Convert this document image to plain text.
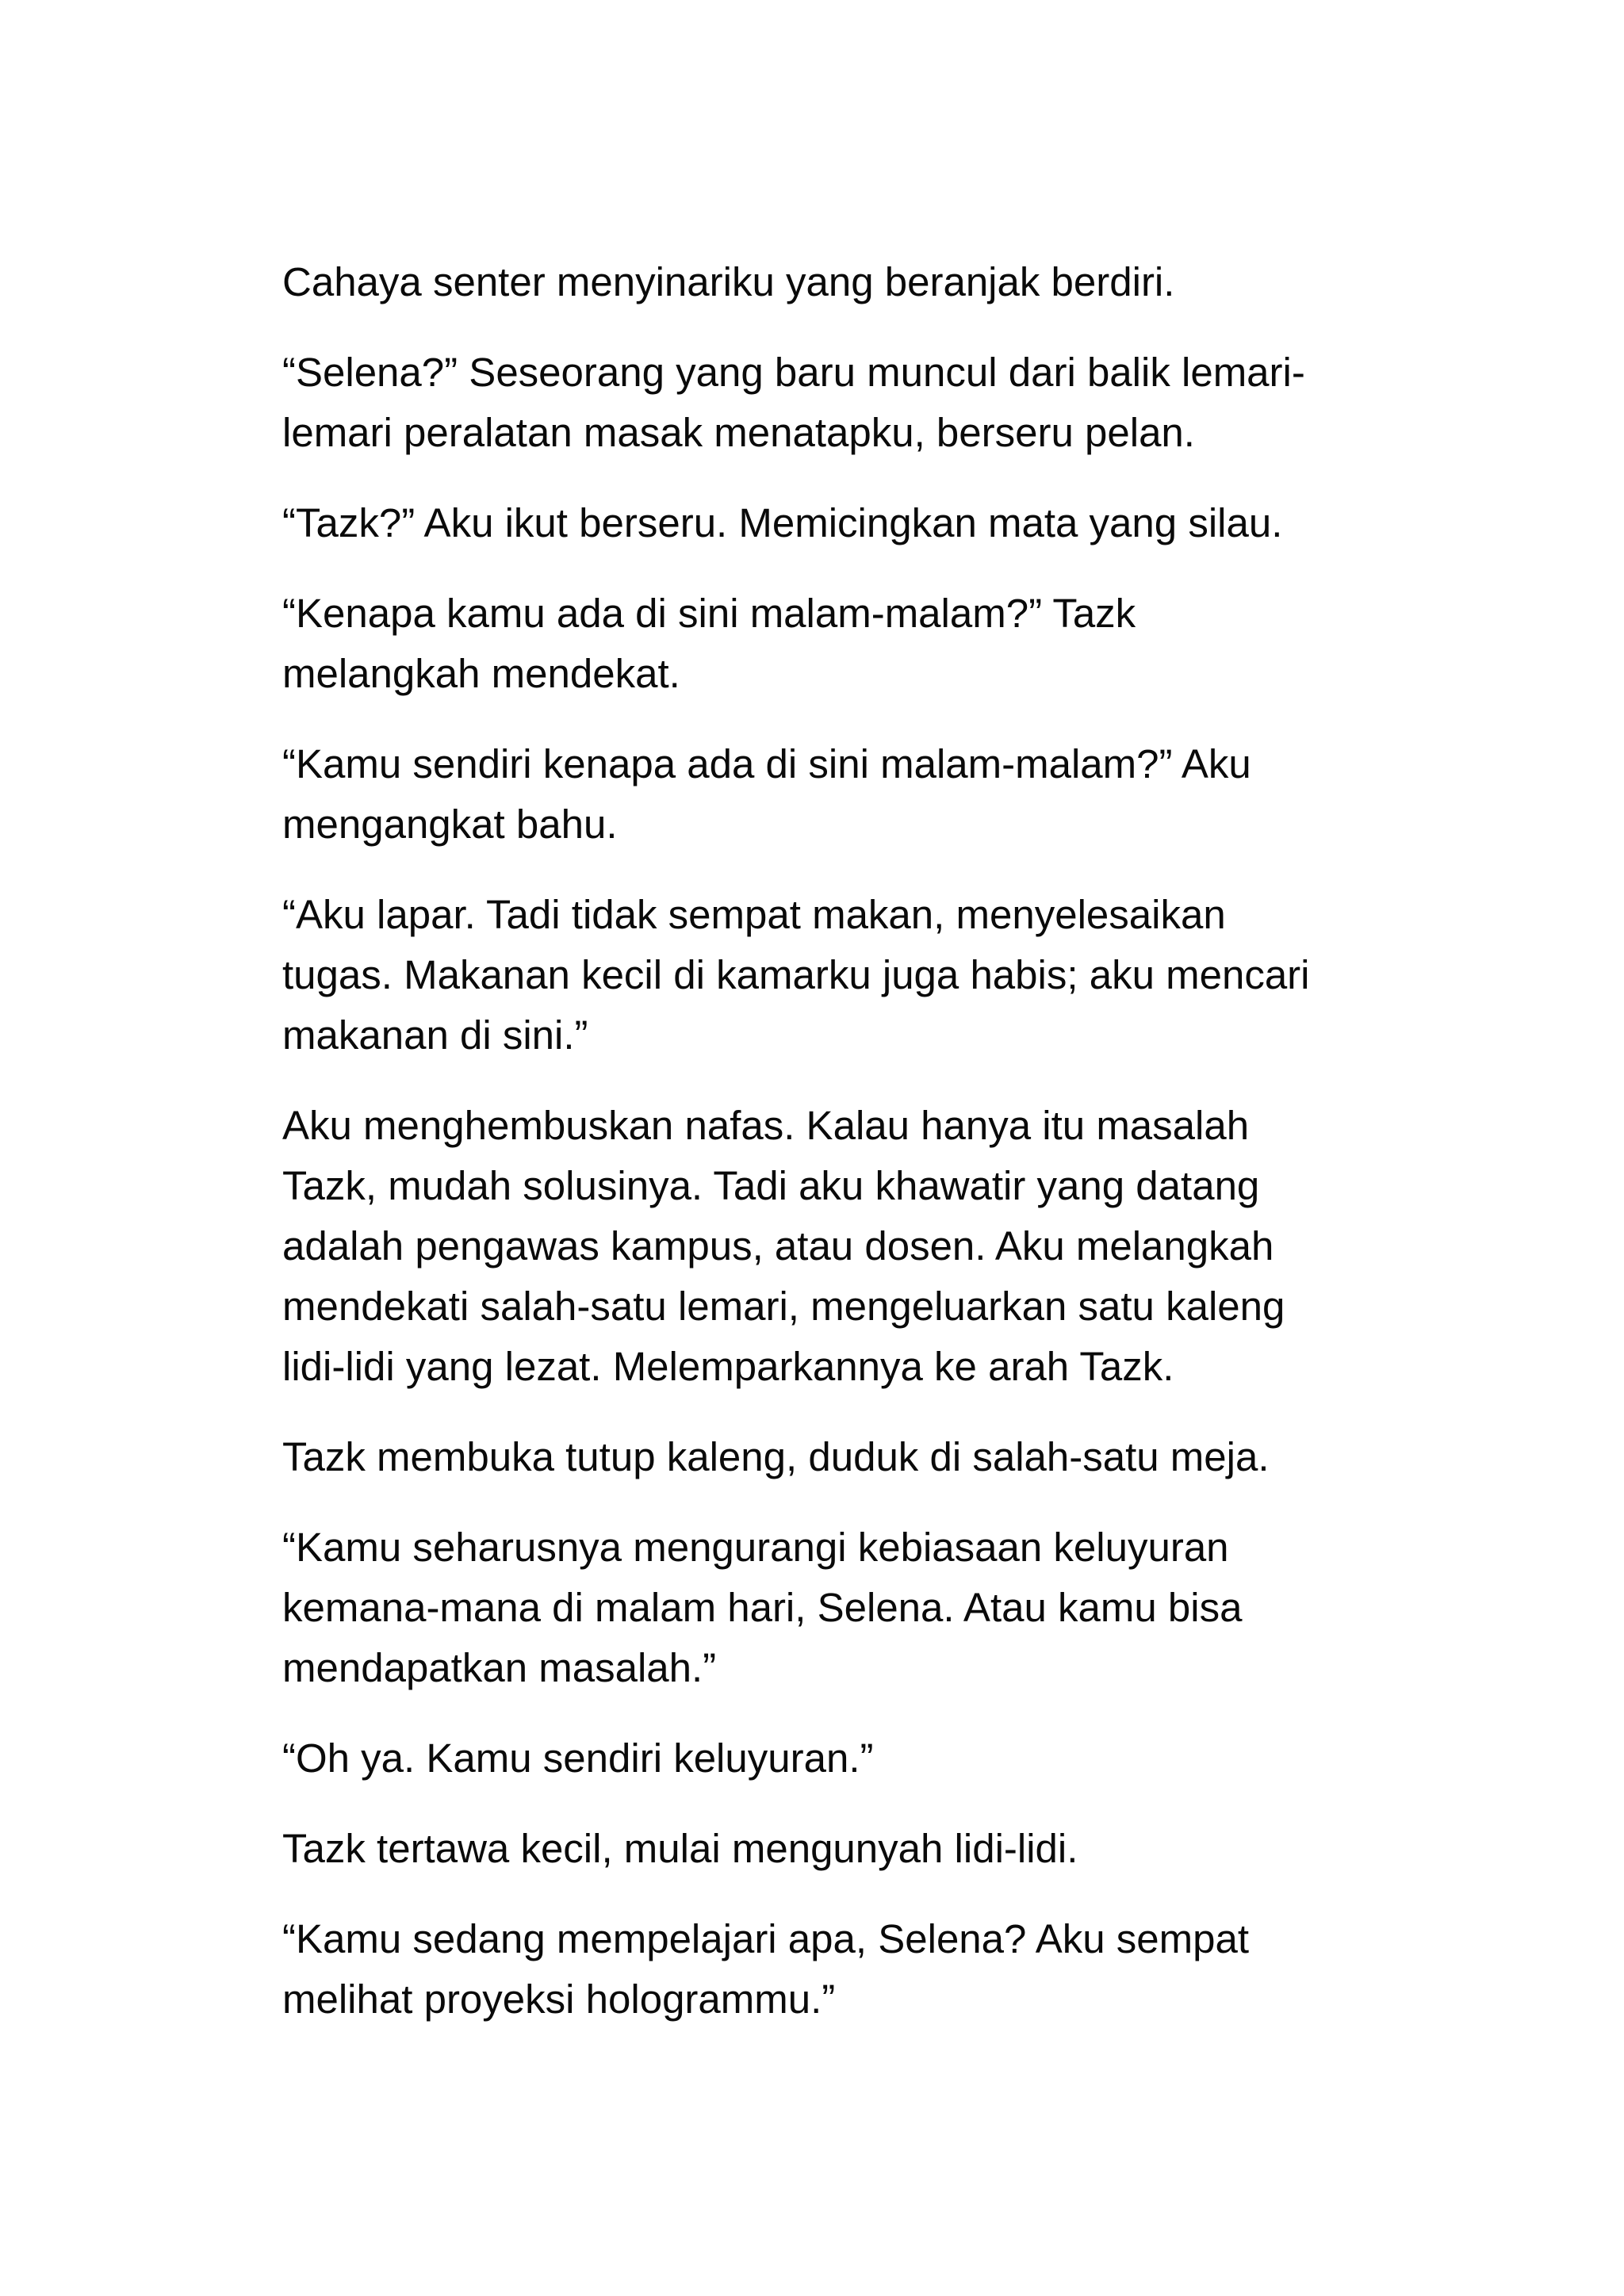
Cahaya senter menyinariku yang beranjak berdiri.

“Selena?” Seseorang yang baru muncul dari balik lemari-
lemari peralatan masak menatapku, berseru pelan.

“Tazk?” Aku ikut berseru. Memicingkan mata yang silau.

“Kenapa kamu ada di sini malam-malam?” Tazk
melangkah mendekat.

“Kamu sendiri kenapa ada di sini malam-malam?” Aku
mengangkat bahu.

“Aku lapar. Tadi tidak sempat makan, menyelesaikan
tugas. Makanan kecil di kamarku juga habis; aku mencari
makanan di sini.”

Aku menghembuskan nafas. Kalau hanya itu masalah
Tazk, mudah solusinya. Tadi aku khawatir yang datang
adalah pengawas kampus, atau dosen. Aku melangkah
mendekati salah-satu lemari, mengeluarkan satu kaleng
lidi-lidi yang lezat. Melemparkannya ke arah Tazk.

Tazk membuka tutup kaleng, duduk di salah-satu meja.

“Kamu seharusnya mengurangi kebiasaan keluyuran
kemana-mana di malam hari, Selena. Atau kamu bisa
mendapatkan masalah.”

“Oh ya. Kamu sendiri keluyuran.”

Tazk tertawa kecil, mulai mengunyah lidi-lidi.

“Kamu sedang mempelajari apa, Selena? Aku sempat
melihat proyeksi hologrammu.”
